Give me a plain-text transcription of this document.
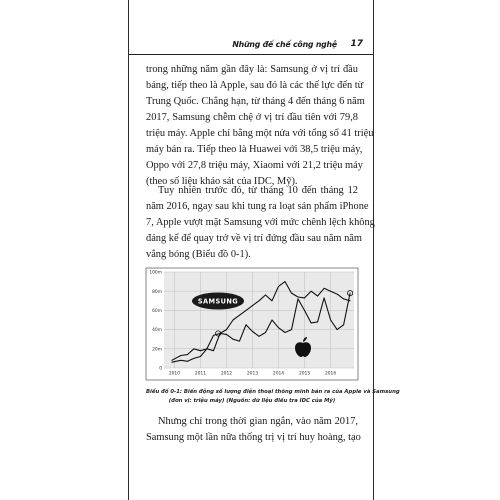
Những đế chế công nghệ 17
trong những năm gần đây là: Samsung ở vị trí đầu
bảng, tiếp theo là Apple, sau đó là các thế lực đến từ
Trung Quốc. Chẳng hạn, từ tháng 4 đến tháng 6 năm
2017, Samsung chễm chệ ở vị trí đầu tiên với 79,8
triệu máy. Apple chỉ bằng một nửa với tổng số 41 triệu
máy bán ra. Tiếp theo là Huawei với 38,5 triệu máy,
Oppo với 27,8 triệu máy, Xiaomi với 21,2 triệu máy
(theo số liệu khảo sát của IDC, Mỹ).
Tuy nhiên trước đó, từ tháng 10 đến tháng 12
năm 2016, ngay sau khi tung ra loạt sản phẩm iPhone
7, Apple vượt mặt Samsung với mức chênh lệch không
đáng kể để quay trở về vị trí đứng đầu sau năm năm
vắng bóng (Biểu đồ 0-1).
0
20m
40m
60m
80m
100m
2010	2011	2012	2013	2014	2015	2016
SAMSUNG
Biểu đồ 0-1: Biến động số lượng điện thoại thông minh bán ra của Apple và Samsung
(đơn vị: triệu máy) (Nguồn: dữ liệu điều tra IDC của Mỹ)
Nhưng chỉ trong thời gian ngắn, vào năm 2017,
Samsung một lần nữa thống trị vị trí huy hoàng, tạo
